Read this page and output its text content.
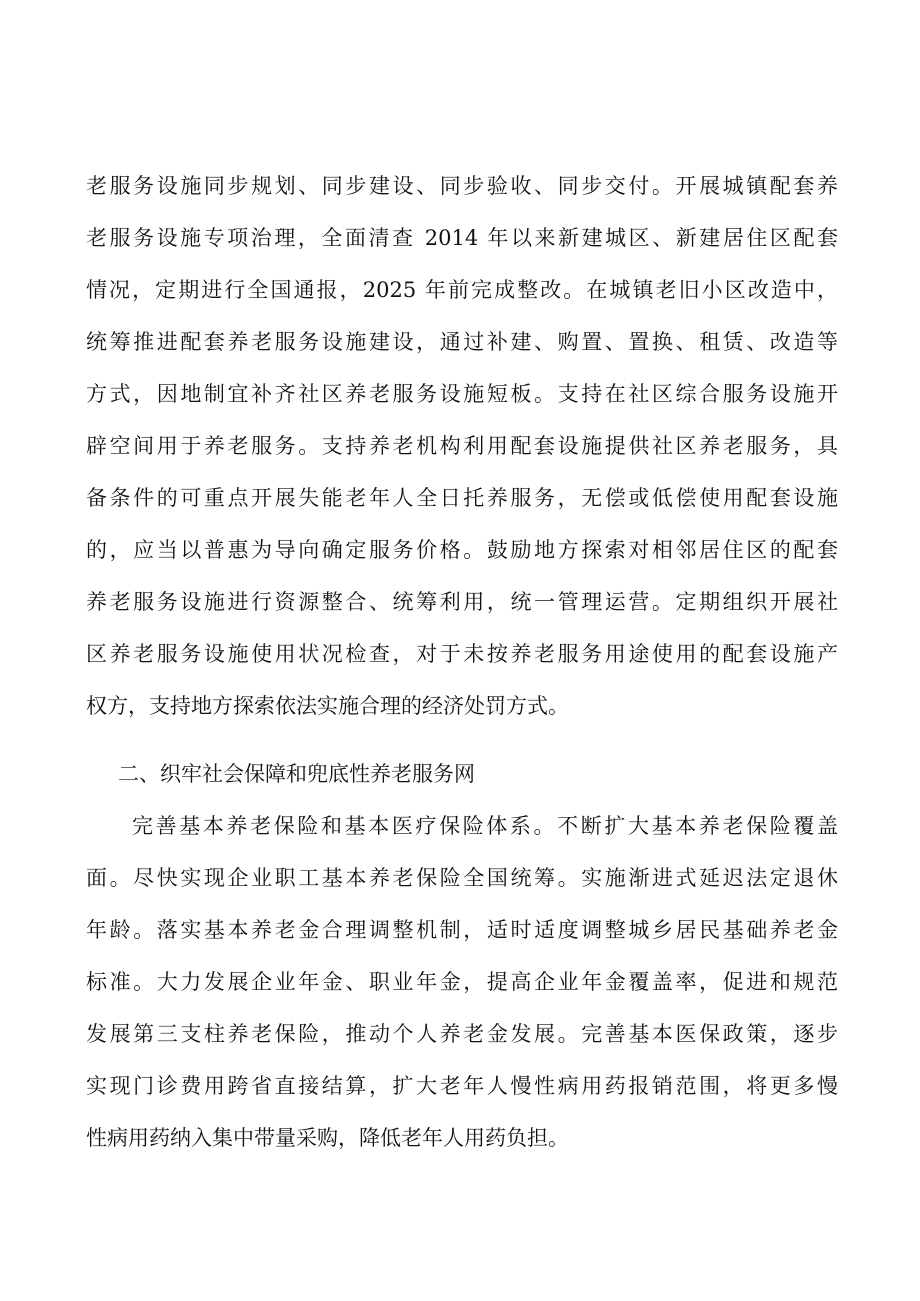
老服务设施同步规划、同步建设、同步验收、同步交付。开展城镇配套养
老服务设施专项治理，全面清查 2014 年以来新建城区、新建居住区配套
情况，定期进行全国通报，2025 年前完成整改。在城镇老旧小区改造中，
统筹推进配套养老服务设施建设，通过补建、购置、置换、租赁、改造等
方式，因地制宜补齐社区养老服务设施短板。支持在社区综合服务设施开
辟空间用于养老服务。支持养老机构利用配套设施提供社区养老服务，具
备条件的可重点开展失能老年人全日托养服务，无偿或低偿使用配套设施
的，应当以普惠为导向确定服务价格。鼓励地方探索对相邻居住区的配套
养老服务设施进行资源整合、统筹利用，统一管理运营。定期组织开展社
区养老服务设施使用状况检查，对于未按养老服务用途使用的配套设施产
权方，支持地方探索依法实施合理的经济处罚方式。
二、织牢社会保障和兜底性养老服务网
完善基本养老保险和基本医疗保险体系。不断扩大基本养老保险覆盖
面。尽快实现企业职工基本养老保险全国统筹。实施渐进式延迟法定退休
年龄。落实基本养老金合理调整机制，适时适度调整城乡居民基础养老金
标准。大力发展企业年金、职业年金，提高企业年金覆盖率，促进和规范
发展第三支柱养老保险，推动个人养老金发展。完善基本医保政策，逐步
实现门诊费用跨省直接结算，扩大老年人慢性病用药报销范围，将更多慢
性病用药纳入集中带量采购，降低老年人用药负担。
